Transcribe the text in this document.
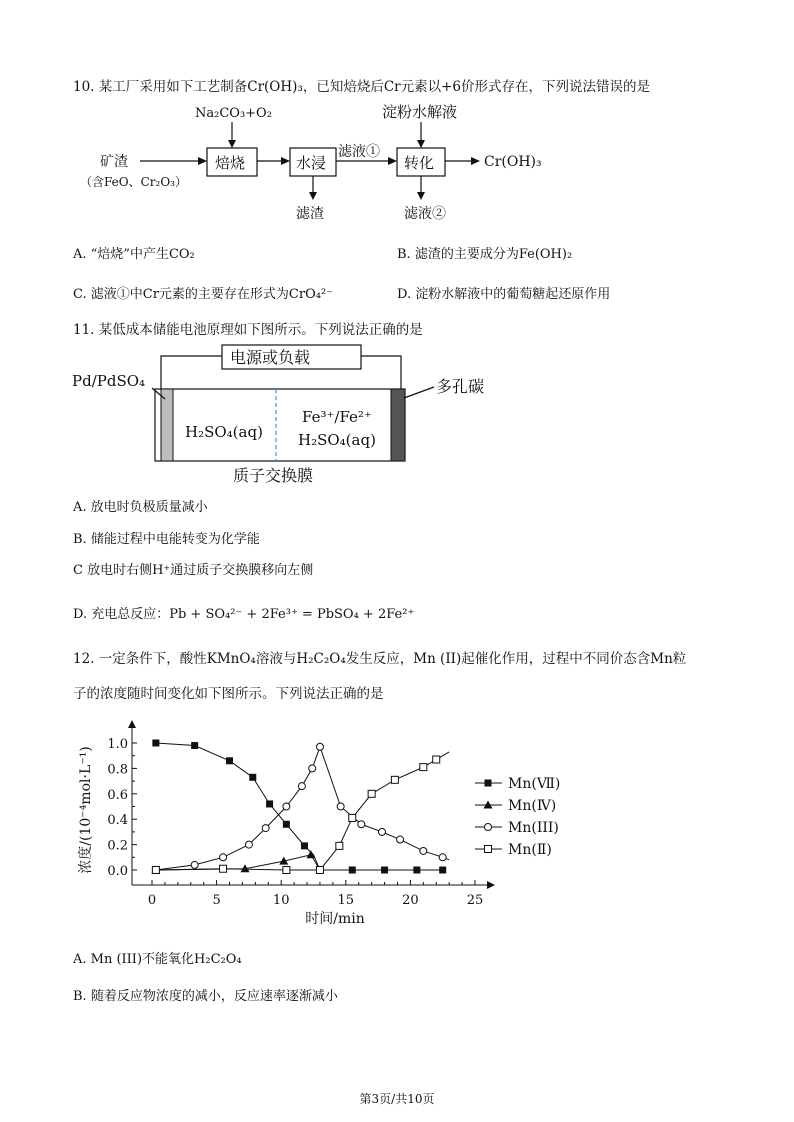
10. 某工厂采用如下工艺制备Cr(OH)₃，已知焙烧后Cr元素以+6价形式存在，下列说法错误的是
Na₂CO₃+O₂
矿渣
（含FeO、Cr₂O₃）
焙烧	水浸
滤渣
滤液①
淀粉水解液
转化	Cr(OH)₃
滤液②
A. “焙烧”中产生CO₂	B. 滤渣的主要成分为Fe(OH)₂
C. 滤液①中Cr元素的主要存在形式为CrO₄²⁻	D. 淀粉水解液中的葡萄糖起还原作用
11. 某低成本储能电池原理如下图所示。下列说法正确的是
电源或负载
H₂SO₄(aq)
Fe³⁺/Fe²⁺
H₂SO₄(aq)
Pd/PdSO₄	多孔碳
质子交换膜
A. 放电时负极质量减小
B. 储能过程中电能转变为化学能
C 放电时右侧H⁺通过质子交换膜移向左侧
D. 充电总反应：Pb + SO₄²⁻ + 2Fe³⁺ = PbSO₄ + 2Fe²⁺
12. 一定条件下，酸性KMnO₄溶液与H₂C₂O₄发生反应，Mn (II)起催化作用，过程中不同价态含Mn粒
子的浓度随时间变化如下图所示。下列说法正确的是
0.0
0.2
0.4
0.6
0.8
1.0
0	5	10	15	20	25
Mn(Ⅶ)
Mn(Ⅳ)
Mn(III)
Mn(Ⅱ)
时间/min
浓度/(10⁻⁴mol·L⁻¹)
A. Mn (III)不能氧化H₂C₂O₄
B. 随着反应物浓度的减小，反应速率逐渐减小
第3页/共10页
